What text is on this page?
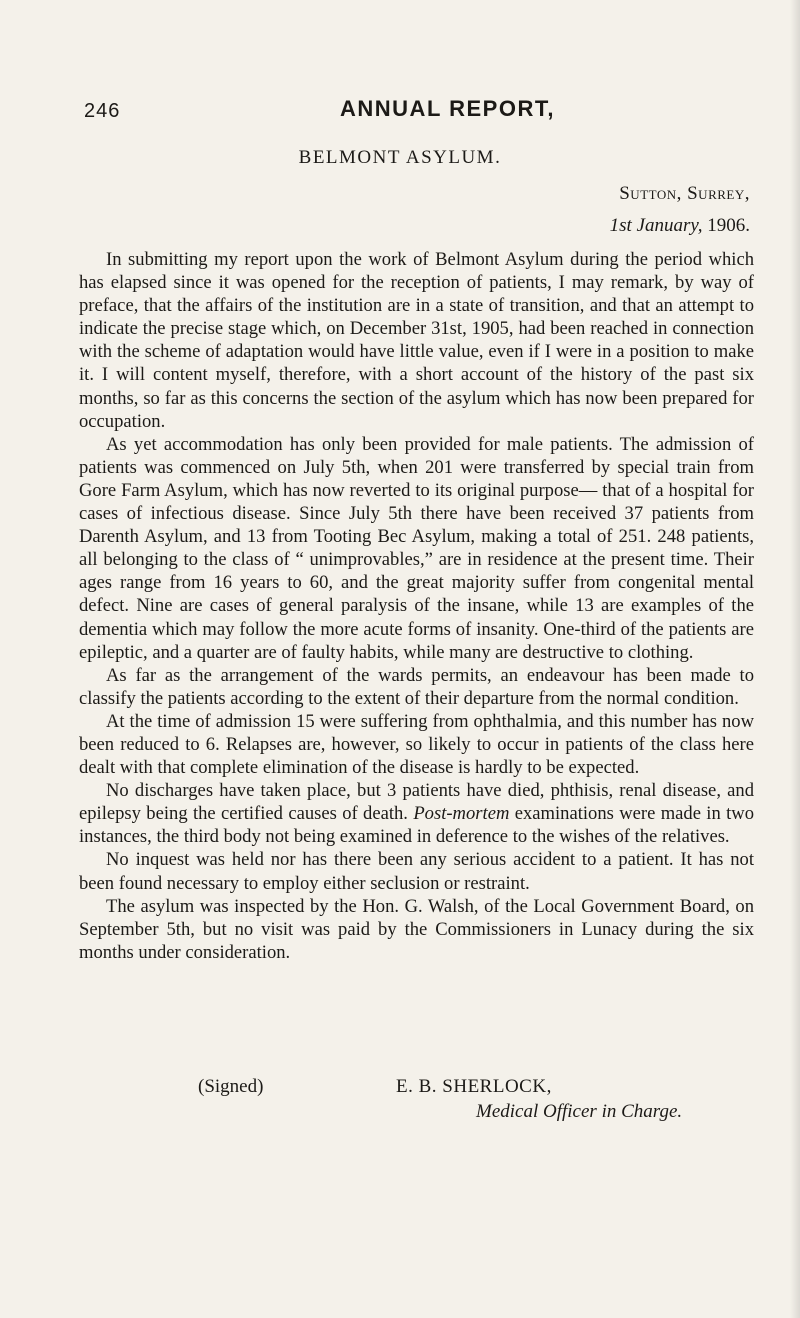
246	ANNUAL REPORT,
BELMONT ASYLUM.
Sutton, Surrey,
1st January, 1906.

In submitting my report upon the work of Belmont Asylum during the period which has elapsed since it was opened for the reception of patients, I may remark, by way of preface, that the affairs of the institution are in a state of transition, and that an attempt to indicate the precise stage which, on December 31st, 1905, had been reached in connection with the scheme of adaptation would have little value, even if I were in a position to make it. I will content myself, therefore, with a short account of the history of the past six months, so far as this concerns the section of the asylum which has now been prepared for occupation.

As yet accommodation has only been provided for male patients. The admission of patients was commenced on July 5th, when 201 were transferred by special train from Gore Farm Asylum, which has now reverted to its original purpose— that of a hospital for cases of infectious disease. Since July 5th there have been received 37 patients from Darenth Asylum, and 13 from Tooting Bec Asylum, making a total of 251. 248 patients, all belonging to the class of “ unimprovables,” are in residence at the present time. Their ages range from 16 years to 60, and the great majority suffer from congenital mental defect. Nine are cases of general paralysis of the insane, while 13 are examples of the dementia which may follow the more acute forms of insanity. One-third of the patients are epileptic, and a quarter are of faulty habits, while many are destructive to clothing.

As far as the arrangement of the wards permits, an endeavour has been made to classify the patients according to the extent of their departure from the normal condition.

At the time of admission 15 were suffering from ophthalmia, and this number has now been reduced to 6. Relapses are, however, so likely to occur in patients of the class here dealt with that complete elimination of the disease is hardly to be expected.

No discharges have taken place, but 3 patients have died, phthisis, renal disease, and epilepsy being the certified causes of death. Post-mortem examinations were made in two instances, the third body not being examined in deference to the wishes of the relatives.

No inquest was held nor has there been any serious accident to a patient. It has not been found necessary to employ either seclusion or restraint.

The asylum was inspected by the Hon. G. Walsh, of the Local Government Board, on September 5th, but no visit was paid by the Commissioners in Lunacy during the six months under consideration.

(Signed)	E. B. SHERLOCK,
Medical Officer in Charge.
